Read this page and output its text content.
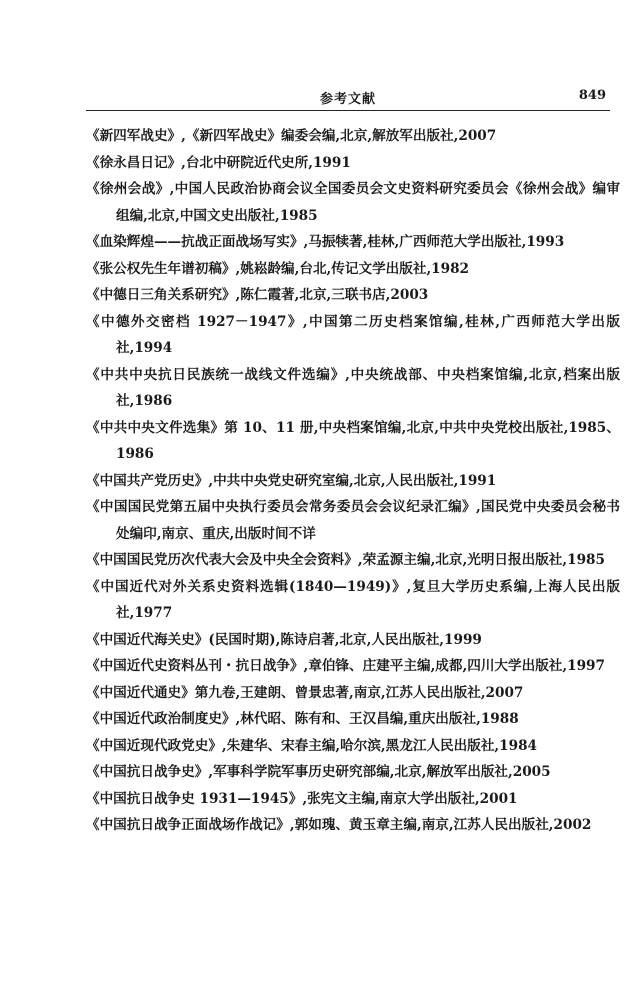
参考文献	849
《新四军战史》,《新四军战史》编委会编,北京,解放军出版社,2007
《徐永昌日记》,台北中研院近代史所,1991
《徐州会战》,中国人民政治协商会议全国委员会文史资料研究委员会《徐州会战》编审组编,北京,中国文史出版社,1985
《血染辉煌——抗战正面战场写实》,马振犊著,桂林,广西师范大学出版社,1993
《张公权先生年谱初稿》,姚崧龄编,台北,传记文学出版社,1982
《中德日三角关系研究》,陈仁霞著,北京,三联书店,2003
《中德外交密档 1927－1947》,中国第二历史档案馆编,桂林,广西师范大学出版社,1994
《中共中央抗日民族统一战线文件选编》,中央统战部、中央档案馆编,北京,档案出版社,1986
《中共中央文件选集》第 10、11 册,中央档案馆编,北京,中共中央党校出版社,1985、1986
《中国共产党历史》,中共中央党史研究室编,北京,人民出版社,1991
《中国国民党第五届中央执行委员会常务委员会会议纪录汇编》,国民党中央委员会秘书处编印,南京、重庆,出版时间不详
《中国国民党历次代表大会及中央全会资料》,荣孟源主编,北京,光明日报出版社,1985
《中国近代对外关系史资料选辑(1840—1949)》,复旦大学历史系编,上海人民出版社,1977
《中国近代海关史》(民国时期),陈诗启著,北京,人民出版社,1999
《中国近代史资料丛刊・抗日战争》,章伯锋、庄建平主编,成都,四川大学出版社,1997
《中国近代通史》第九卷,王建朗、曾景忠著,南京,江苏人民出版社,2007
《中国近代政治制度史》,林代昭、陈有和、王汉昌编,重庆出版社,1988
《中国近现代政党史》,朱建华、宋春主编,哈尔滨,黑龙江人民出版社,1984
《中国抗日战争史》,军事科学院军事历史研究部编,北京,解放军出版社,2005
《中国抗日战争史 1931—1945》,张宪文主编,南京大学出版社,2001
《中国抗日战争正面战场作战记》,郭如瑰、黄玉章主编,南京,江苏人民出版社,2002
